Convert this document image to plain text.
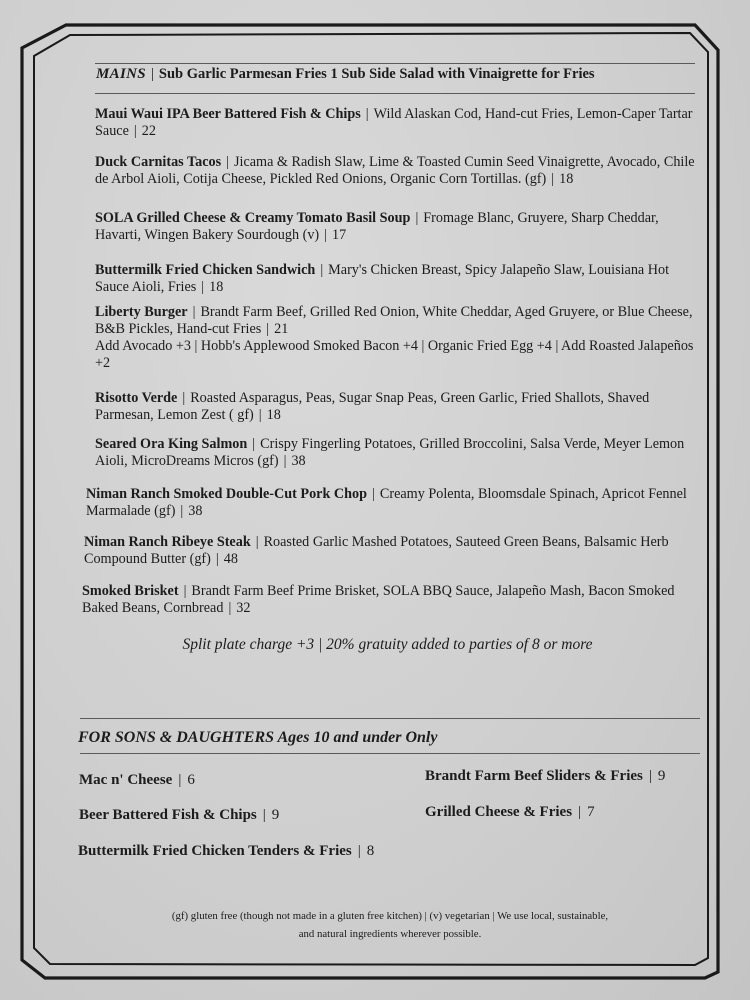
MAINS | Sub Garlic Parmesan Fries 1 Sub Side Salad with Vinaigrette for Fries
Maui Waui IPA Beer Battered Fish & Chips | Wild Alaskan Cod, Hand-cut Fries, Lemon-Caper Tartar Sauce | 22
Duck Carnitas Tacos | Jicama & Radish Slaw, Lime & Toasted Cumin Seed Vinaigrette, Avocado, Chile de Arbol Aioli, Cotija Cheese, Pickled Red Onions, Organic Corn Tortillas. (gf) | 18
SOLA Grilled Cheese & Creamy Tomato Basil Soup | Fromage Blanc, Gruyere, Sharp Cheddar, Havarti, Wingen Bakery Sourdough (v) | 17
Buttermilk Fried Chicken Sandwich | Mary's Chicken Breast, Spicy Jalapeño Slaw, Louisiana Hot Sauce Aioli, Fries | 18
Liberty Burger | Brandt Farm Beef, Grilled Red Onion, White Cheddar, Aged Gruyere, or Blue Cheese, B&B Pickles, Hand-cut Fries | 21
Add Avocado +3 | Hobb's Applewood Smoked Bacon +4 | Organic Fried Egg +4 | Add Roasted Jalapeños +2
Risotto Verde | Roasted Asparagus, Peas, Sugar Snap Peas, Green Garlic, Fried Shallots, Shaved Parmesan, Lemon Zest ( gf) | 18
Seared Ora King Salmon | Crispy Fingerling Potatoes, Grilled Broccolini, Salsa Verde, Meyer Lemon Aioli, MicroDreams Micros (gf) | 38
Niman Ranch Smoked Double-Cut Pork Chop | Creamy Polenta, Bloomsdale Spinach, Apricot Fennel Marmalade (gf) | 38
Niman Ranch Ribeye Steak | Roasted Garlic Mashed Potatoes, Sauteed Green Beans, Balsamic Herb Compound Butter (gf) | 48
Smoked Brisket | Brandt Farm Beef Prime Brisket, SOLA BBQ Sauce, Jalapeño Mash, Bacon Smoked Baked Beans, Cornbread | 32
Split plate charge +3 | 20% gratuity added to parties of 8 or more
FOR SONS & DAUGHTERS Ages 10 and under Only
Mac n' Cheese | 6
Beer Battered Fish & Chips | 9
Buttermilk Fried Chicken Tenders & Fries | 8
Brandt Farm Beef Sliders & Fries | 9
Grilled Cheese & Fries | 7
(gf) gluten free (though not made in a gluten free kitchen) | (v) vegetarian | We use local, sustainable,
and natural ingredients wherever possible.
